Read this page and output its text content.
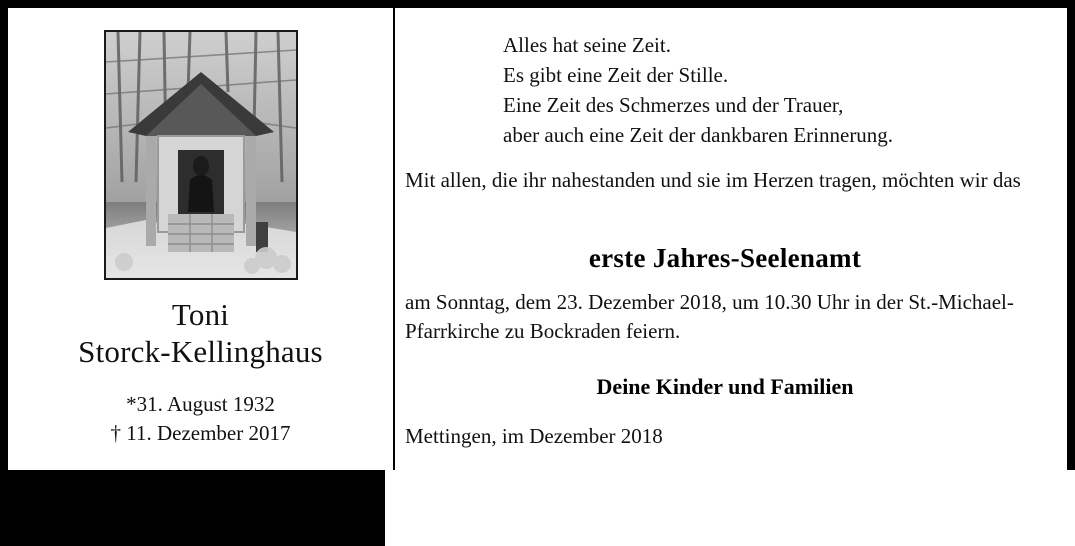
Toni
Storck-Kellinghaus
*31. August 1932
† 11. Dezember 2017
Alles hat seine Zeit.
Es gibt eine Zeit der Stille.
Eine Zeit des Schmerzes und der Trauer,
aber auch eine Zeit der dankbaren Erinnerung.
Mit allen, die ihr nahestanden und sie im Herzen tragen, möchten wir das
erste Jahres-Seelenamt
am Sonntag, dem 23. Dezember 2018, um 10.30 Uhr in der St.-Michael-Pfarrkirche zu Bockraden feiern.
Deine Kinder und Familien
Mettingen, im Dezember 2018
